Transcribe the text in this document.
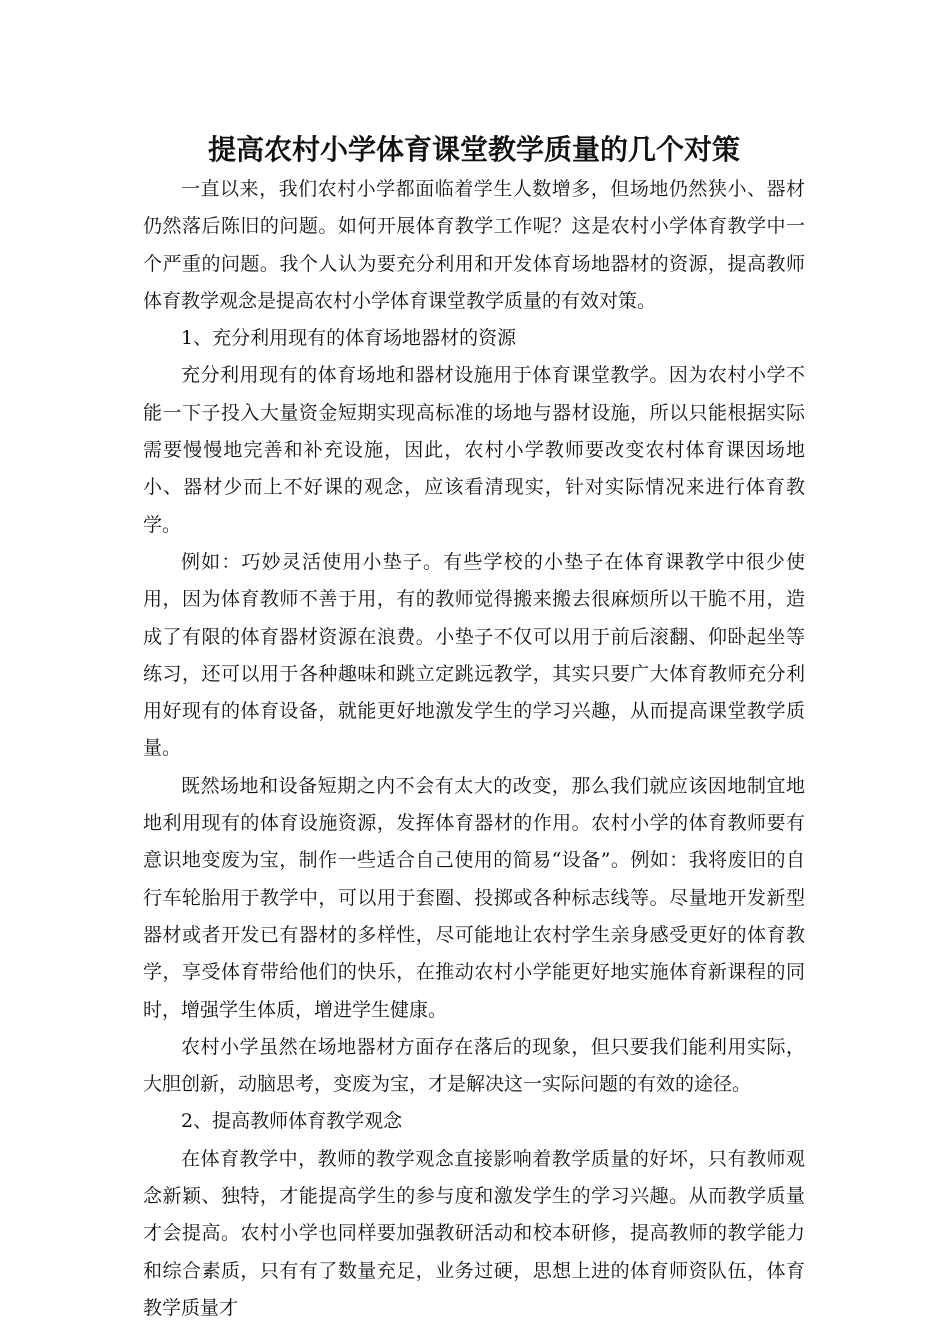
提高农村小学体育课堂教学质量的几个对策

一直以来，我们农村小学都面临着学生人数增多，但场地仍然狭小、器材仍然落后陈旧的问题。如何开展体育教学工作呢？这是农村小学体育教学中一个严重的问题。我个人认为要充分利用和开发体育场地器材的资源，提高教师体育教学观念是提高农村小学体育课堂教学质量的有效对策。

1、充分利用现有的体育场地器材的资源

充分利用现有的体育场地和器材设施用于体育课堂教学。因为农村小学不能一下子投入大量资金短期实现高标准的场地与器材设施，所以只能根据实际需要慢慢地完善和补充设施，因此，农村小学教师要改变农村体育课因场地小、器材少而上不好课的观念，应该看清现实，针对实际情况来进行体育教学。

例如：巧妙灵活使用小垫子。有些学校的小垫子在体育课教学中很少使用，因为体育教师不善于用，有的教师觉得搬来搬去很麻烦所以干脆不用，造成了有限的体育器材资源在浪费。小垫子不仅可以用于前后滚翻、仰卧起坐等练习，还可以用于各种趣味和跳立定跳远教学，其实只要广大体育教师充分利用好现有的体育设备，就能更好地激发学生的学习兴趣，从而提高课堂教学质量。

既然场地和设备短期之内不会有太大的改变，那么我们就应该因地制宜地地利用现有的体育设施资源，发挥体育器材的作用。农村小学的体育教师要有意识地变废为宝，制作一些适合自己使用的简易“设备”。例如：我将废旧的自行车轮胎用于教学中，可以用于套圈、投掷或各种标志线等。尽量地开发新型器材或者开发已有器材的多样性，尽可能地让农村学生亲身感受更好的体育教学，享受体育带给他们的快乐，在推动农村小学能更好地实施体育新课程的同时，增强学生体质，增进学生健康。

农村小学虽然在场地器材方面存在落后的现象，但只要我们能利用实际，大胆创新，动脑思考，变废为宝，才是解决这一实际问题的有效的途径。

2、提高教师体育教学观念

在体育教学中，教师的教学观念直接影响着教学质量的好坏，只有教师观念新颖、独特，才能提高学生的参与度和激发学生的学习兴趣。从而教学质量才会提高。农村小学也同样要加强教研活动和校本研修，提高教师的教学能力和综合素质，只有有了数量充足，业务过硬，思想上进的体育师资队伍，体育教学质量才
